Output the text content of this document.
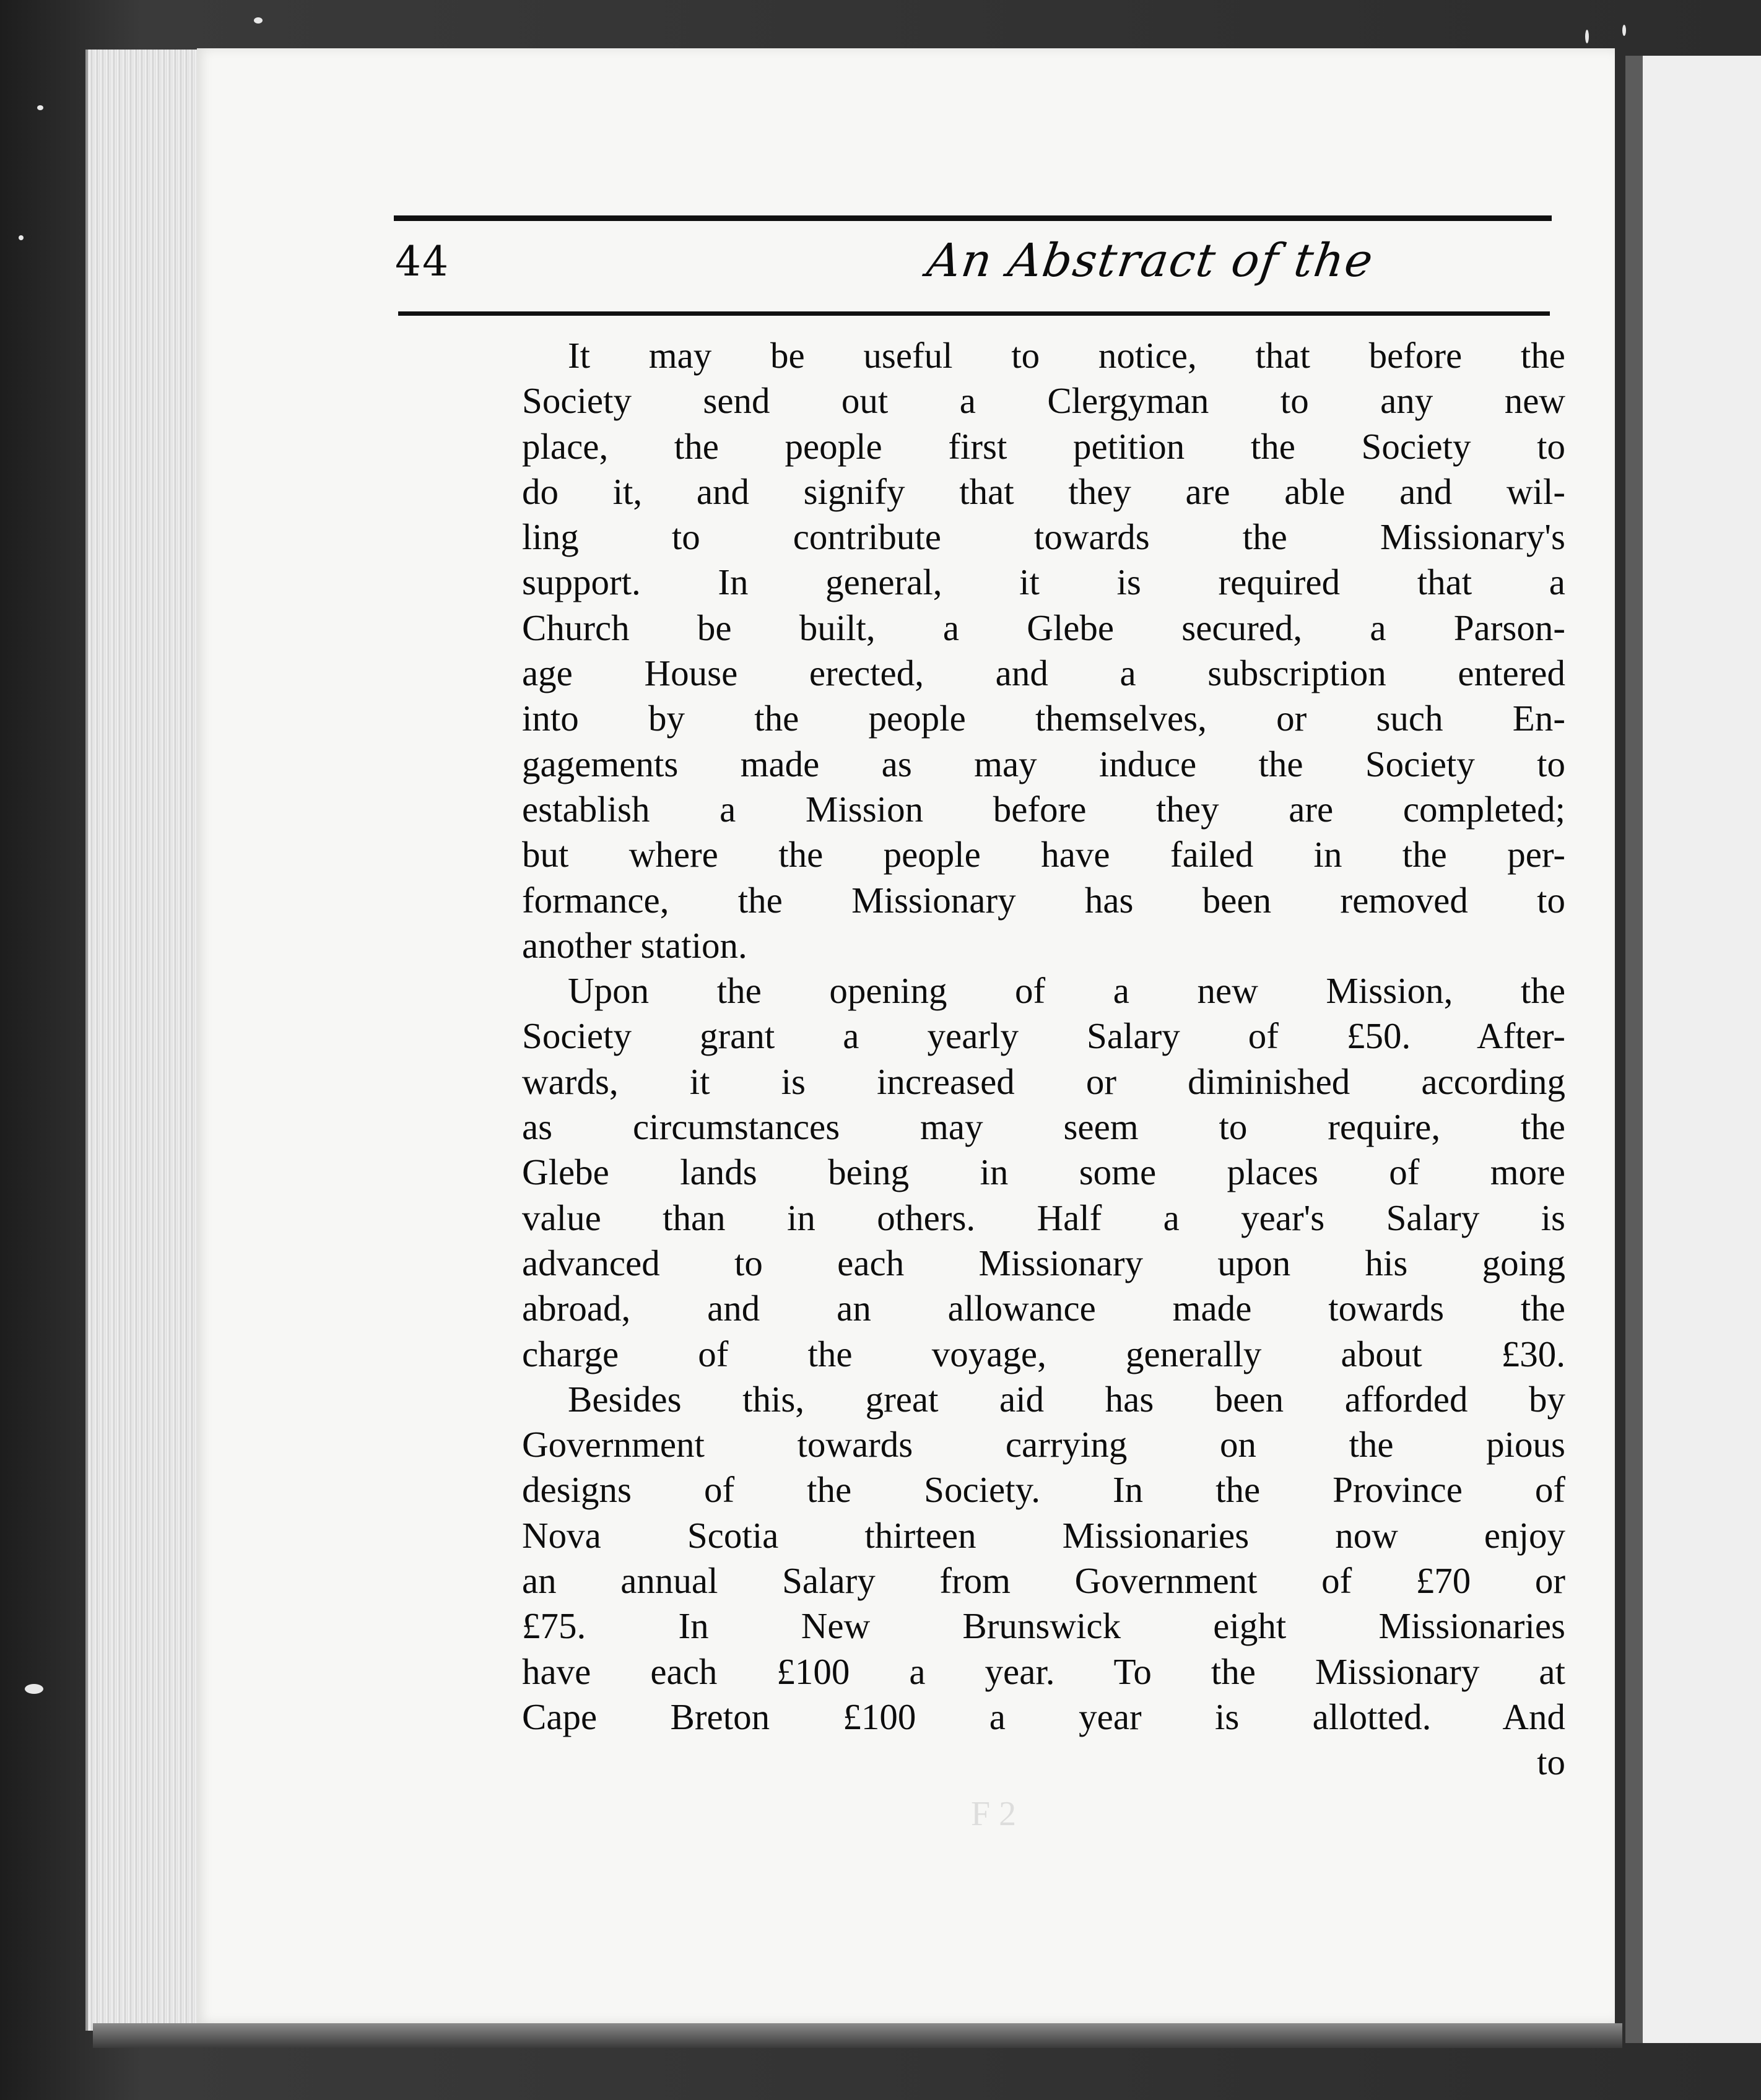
44	An Abstract of the
It may be useful to notice, that before the
Society send out a Clergyman to any new
place, the people first petition the Society to
do it, and signify that they are able and wil-
ling to contribute towards the Missionary's
support. In general, it is required that a
Church be built, a Glebe secured, a Parson-
age House erected, and a subscription entered
into by the people themselves, or such En-
gagements made as may induce the Society to
establish a Mission before they are completed;
but where the people have failed in the per-
formance, the Missionary has been removed to
another station.
Upon the opening of a new Mission, the
Society grant a yearly Salary of £50. After-
wards, it is increased or diminished according
as circumstances may seem to require, the
Glebe lands being in some places of more
value than in others. Half a year's Salary is
advanced to each Missionary upon his going
abroad, and an allowance made towards the
charge of the voyage, generally about £30.
Besides this, great aid has been afforded by
Government towards carrying on the pious
designs of the Society. In the Province of
Nova Scotia thirteen Missionaries now enjoy
an annual Salary from Government of £70 or
£75. In New Brunswick eight Missionaries
have each £100 a year. To the Missionary at
Cape Breton £100 a year is allotted. And
to
F 2
